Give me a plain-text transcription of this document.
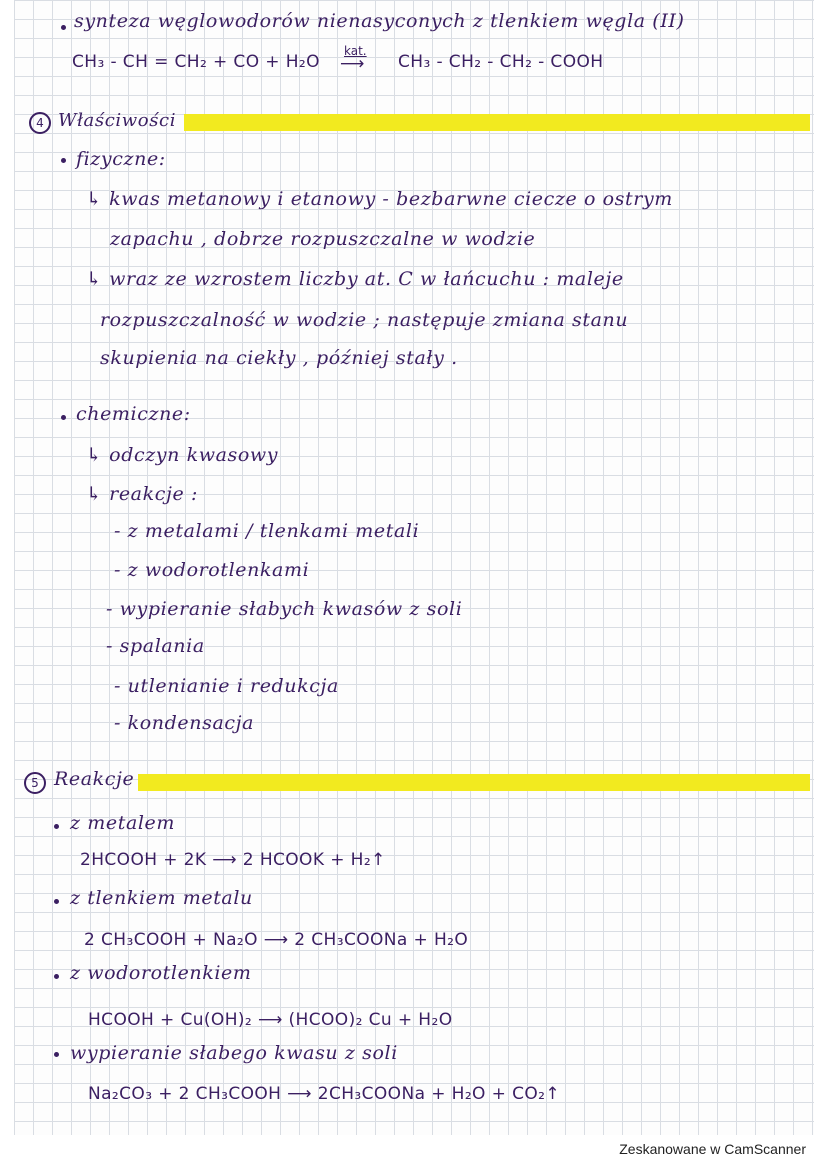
synteza węglowodorów nienasyconych z tlenkiem węgla (II)

CH₃ - CH = CH₂ + CO + H₂O

kat.
⟶ CH₃ - CH₂ - CH₂ - COOH

4 Właściwości

fizyczne:

↳ kwas metanowy i etanowy - bezbarwne ciecze o ostrym

zapachu , dobrze rozpuszczalne w wodzie

↳ wraz ze wzrostem liczby at. C w łańcuchu : maleje

rozpuszczalność w wodzie ; następuje zmiana stanu

skupienia na ciekły , później stały .

chemiczne:

↳ odczyn kwasowy

↳ reakcje :

- z metalami / tlenkami metali

- z wodorotlenkami

- wypieranie słabych kwasów z soli

- spalania

- utlenianie i redukcja

- kondensacja

5 Reakcje

z metalem

2HCOOH + 2K ⟶ 2 HCOOK + H₂↑

z tlenkiem metalu

2 CH₃COOH + Na₂O ⟶ 2 CH₃COONa + H₂O

z wodorotlenkiem

HCOOH + Cu(OH)₂ ⟶ (HCOO)₂ Cu + H₂O

wypieranie słabego kwasu z soli

Na₂CO₃ + 2 CH₃COOH ⟶ 2CH₃COONa + H₂O + CO₂↑

Zeskanowane w CamScanner
